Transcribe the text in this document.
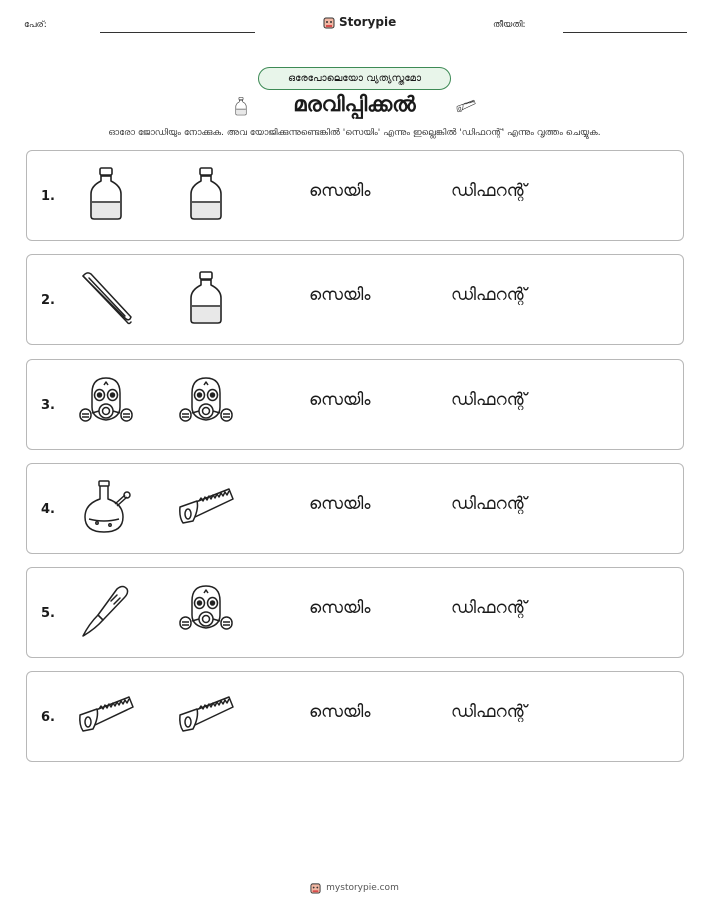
പേര്:	Storypie	തീയതി:
ഒരേപോലെയോ വ്യത്യസ്തമോ
മരവിപ്പിക്കൽ
ഓരോ ജോഡിയും നോക്കുക. അവ യോജിക്കുന്നുണ്ടെങ്കിൽ 'സെയിം' എന്നും ഇല്ലെങ്കിൽ 'ഡിഫറന്റ്' എന്നും വൃത്തം ചെയ്യുക.
1.	സെയിം	ഡിഫറന്റ്
2.	സെയിം	ഡിഫറന്റ്
3.	സെയിം	ഡിഫറന്റ്
4.	സെയിം	ഡിഫറന്റ്
5.	സെയിം	ഡിഫറന്റ്
6.	സെയിം	ഡിഫറന്റ്
mystorypie.com
